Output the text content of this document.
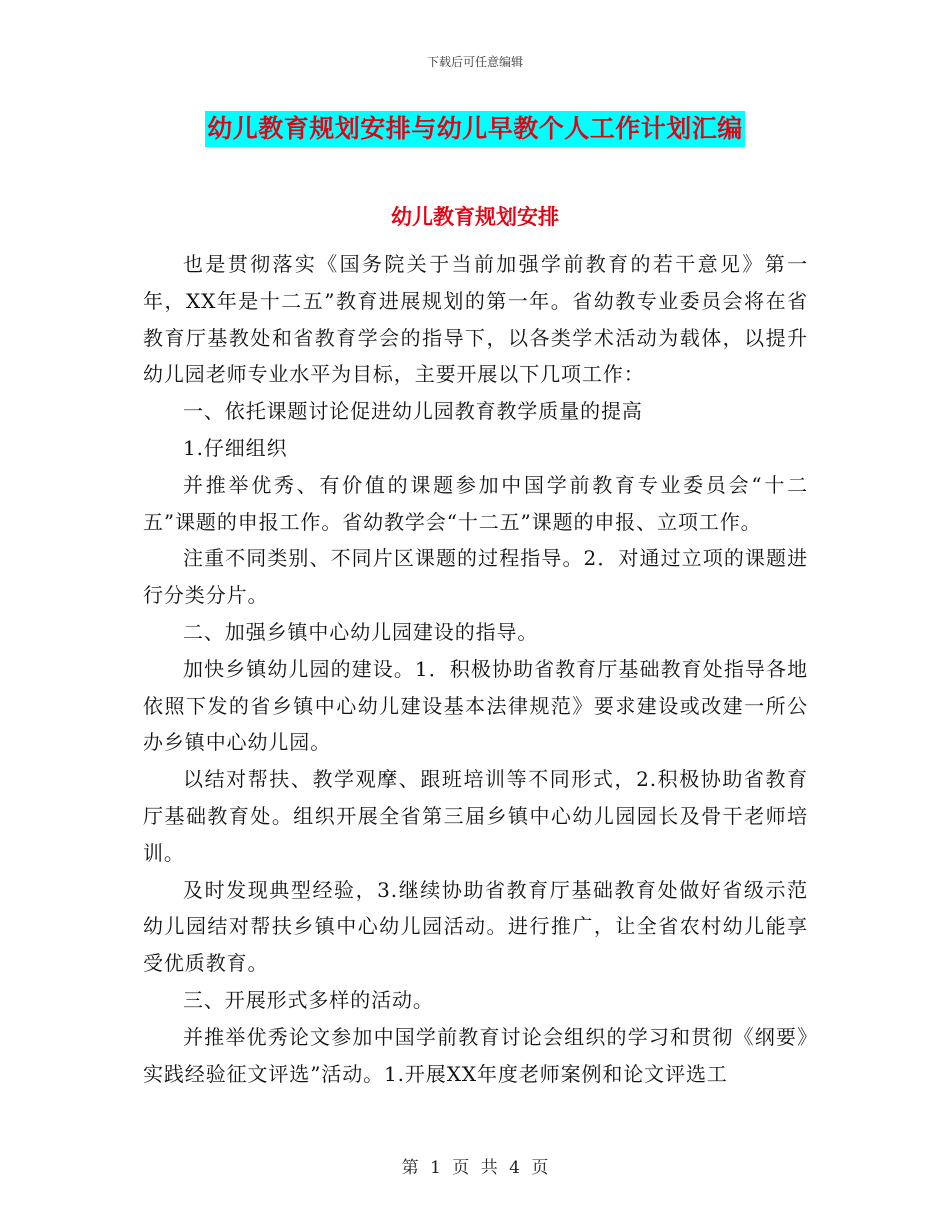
下载后可任意编辑
幼儿教育规划安排与幼儿早教个人工作计划汇编
幼儿教育规划安排

也是贯彻落实《国务院关于当前加强学前教育的若干意见》第一年，XX年是十二五”教育进展规划的第一年。省幼教专业委员会将在省教育厅基教处和省教育学会的指导下，以各类学术活动为载体，以提升幼儿园老师专业水平为目标，主要开展以下几项工作：

一、依托课题讨论促进幼儿园教育教学质量的提高

1.仔细组织

并推举优秀、有价值的课题参加中国学前教育专业委员会“十二五”课题的申报工作。省幼教学会“十二五”课题的申报、立项工作。

注重不同类别、不同片区课题的过程指导。2．对通过立项的课题进行分类分片。

二、加强乡镇中心幼儿园建设的指导。

加快乡镇幼儿园的建设。1．积极协助省教育厅基础教育处指导各地依照下发的省乡镇中心幼儿建设基本法律规范》要求建设或改建一所公办乡镇中心幼儿园。

以结对帮扶、教学观摩、跟班培训等不同形式，2.积极协助省教育厅基础教育处。组织开展全省第三届乡镇中心幼儿园园长及骨干老师培训。

及时发现典型经验，3.继续协助省教育厅基础教育处做好省级示范幼儿园结对帮扶乡镇中心幼儿园活动。进行推广，让全省农村幼儿能享受优质教育。

三、开展形式多样的活动。

并推举优秀论文参加中国学前教育讨论会组织的学习和贯彻《纲要》实践经验征文评选”活动。1.开展XX年度老师案例和论文评选工

第 1 页 共 4 页
